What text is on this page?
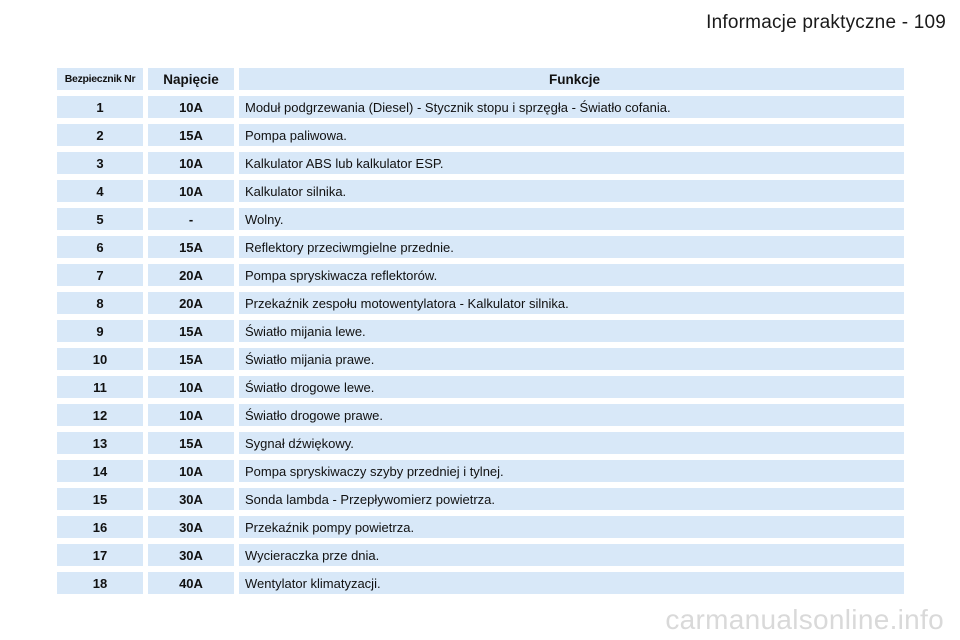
Informacje praktyczne - 109
Bezpiecznik Nr	Napięcie	Funkcje
1	10A	Moduł podgrzewania (Diesel) - Stycznik stopu i sprzęgła - Światło cofania.
2	15A	Pompa paliwowa.
3	10A	Kalkulator ABS lub kalkulator ESP.
4	10A	Kalkulator silnika.
5	-	Wolny.
6	15A	Reflektory przeciwmgielne przednie.
7	20A	Pompa spryskiwacza reflektorów.
8	20A	Przekaźnik zespołu motowentylatora - Kalkulator silnika.
9	15A	Światło mijania lewe.
10	15A	Światło mijania prawe.
11	10A	Światło drogowe lewe.
12	10A	Światło drogowe prawe.
13	15A	Sygnał dźwiękowy.
14	10A	Pompa spryskiwaczy szyby przedniej i tylnej.
15	30A	Sonda lambda - Przepływomierz powietrza.
16	30A	Przekaźnik pompy powietrza.
17	30A	Wycieraczka prze dnia.
18	40A	Wentylator klimatyzacji.
carmanualsonline.info
